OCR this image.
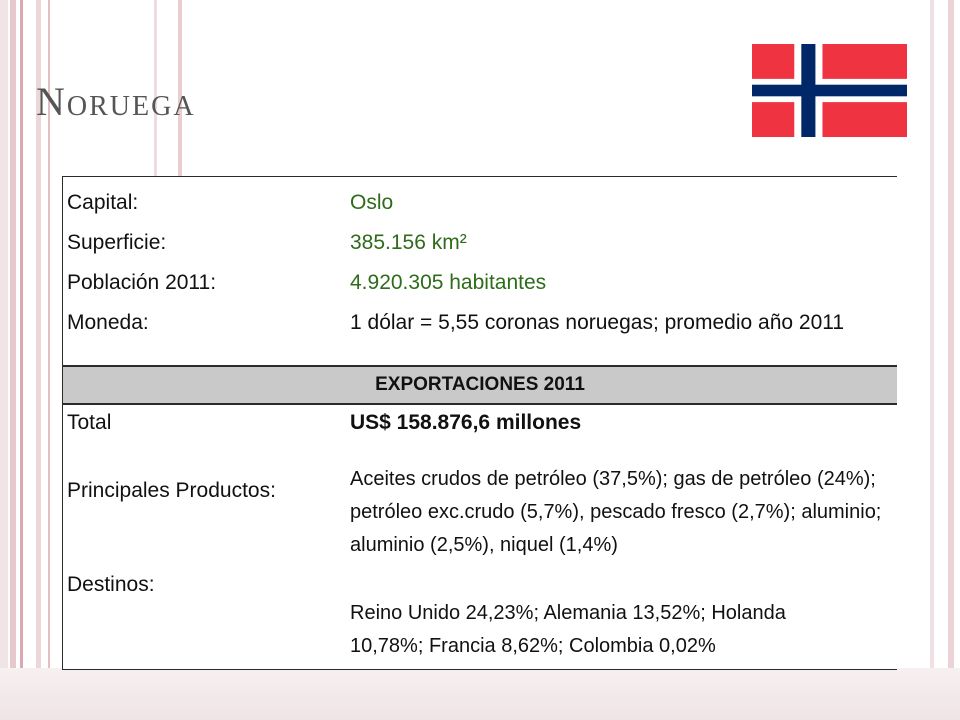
Noruega
Capital:	Oslo
Superficie:	385.156 km²
Población 2011:	4.920.305 habitantes
Moneda:	1 dólar = 5,55 coronas noruegas; promedio año 2011
EXPORTACIONES 2011
Total	US$ 158.876,6 millones
Principales Productos:	Aceites crudos de petróleo (37,5%); gas de petróleo (24%);
petróleo exc.crudo (5,7%), pescado fresco (2,7%); aluminio;
aluminio (2,5%), niquel (1,4%)
Destinos:
Reino Unido 24,23%; Alemania 13,52%; Holanda
10,78%; Francia 8,62%; Colombia 0,02%
